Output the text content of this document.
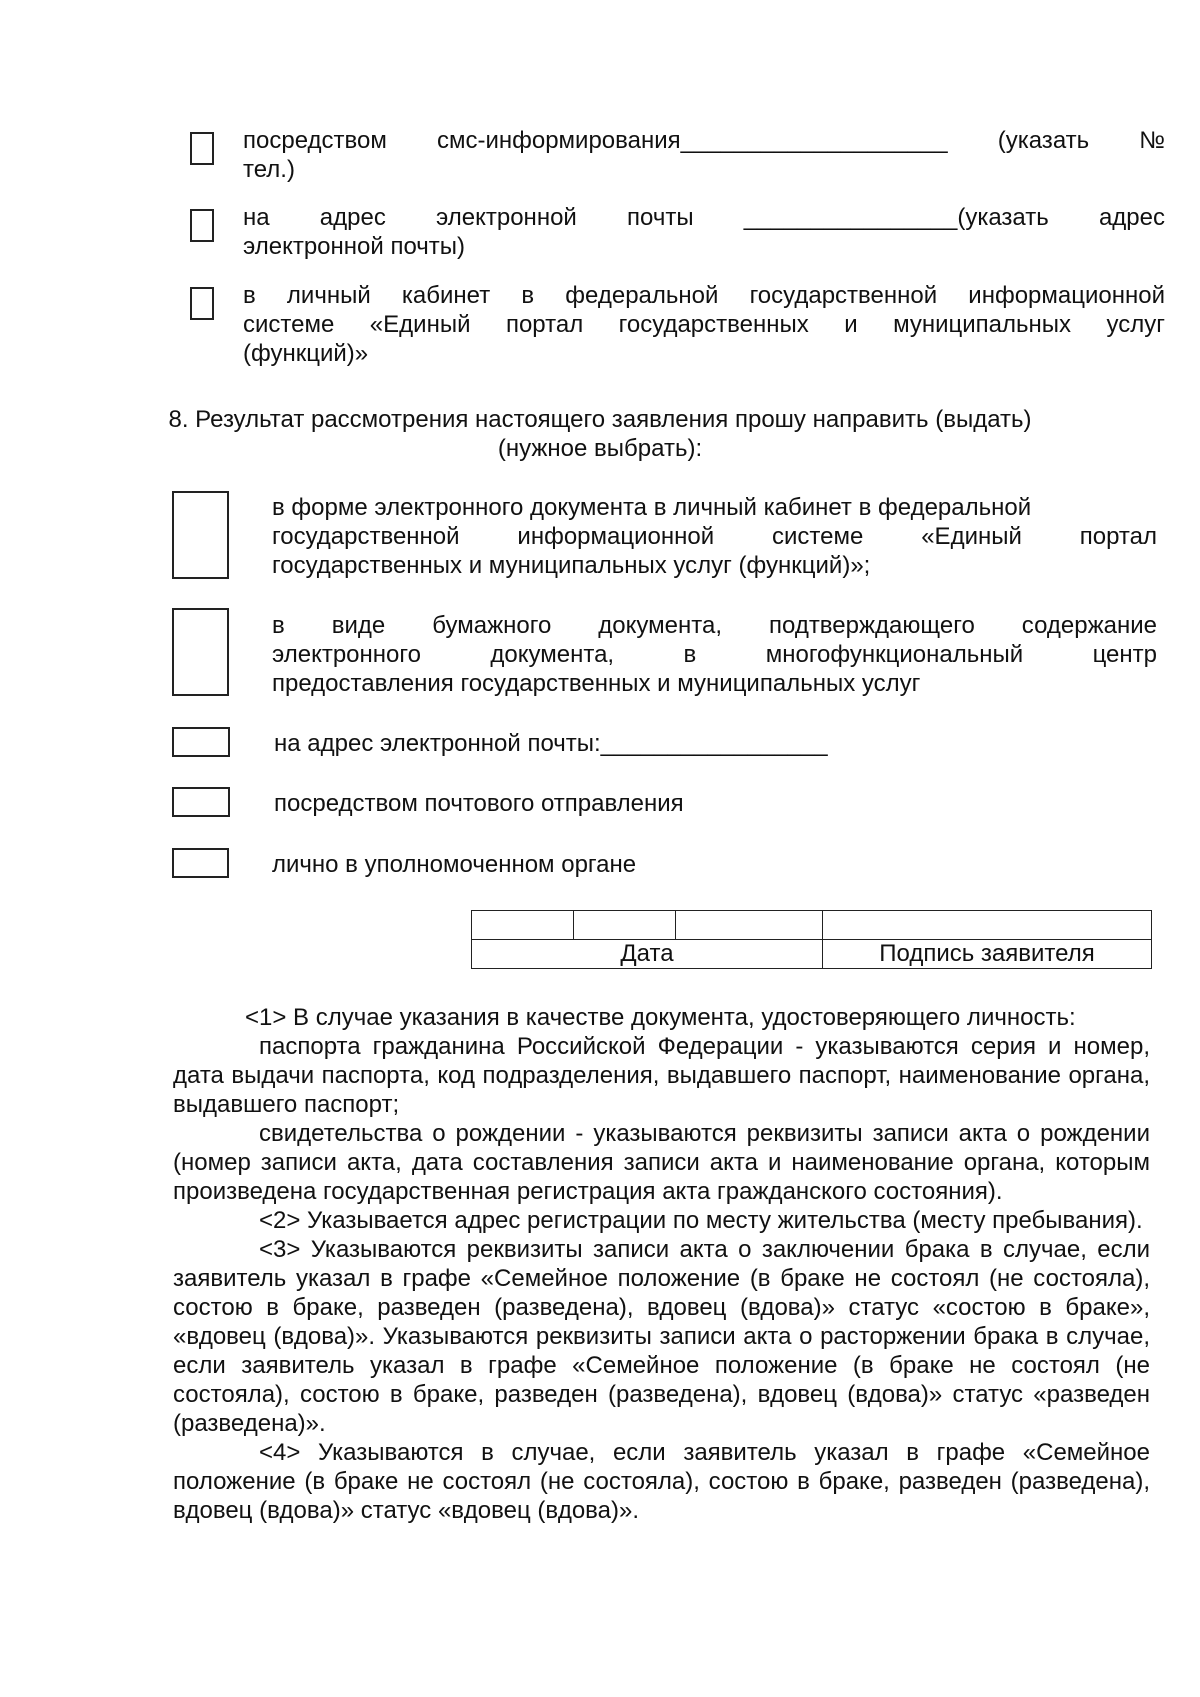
посредством смс-информирования____________________ (указать №
тел.)
на адрес электронной почты ________________(указать адрес
электронной почты)
в личный кабинет в федеральной государственной информационной
системе «Единый портал государственных и муниципальных услуг
(функций)»
8. Результат рассмотрения настоящего заявления прошу направить (выдать)
(нужное выбрать):
в форме электронного документа в личный кабинет в федеральной
государственной информационной системе «Единый портал
государственных и муниципальных услуг (функций)»;
в виде бумажного документа, подтверждающего содержание
электронного документа, в многофункциональный центр
предоставления государственных и муниципальных услуг
на адрес электронной почты:_________________
посредством почтового отправления
лично в уполномоченном органе

Дата			Подпись заявителя

<1> В случае указания в качестве документа, удостоверяющего личность:

паспорта гражданина Российской Федерации - указываются серия и номер, дата выдачи паспорта, код подразделения, выдавшего паспорт, наименование органа, выдавшего паспорт;

свидетельства о рождении - указываются реквизиты записи акта о рождении (номер записи акта, дата составления записи акта и наименование органа, которым произведена государственная регистрация акта гражданского состояния).

<2> Указывается адрес регистрации по месту жительства (месту пребывания).

<3> Указываются реквизиты записи акта о заключении брака в случае, если заявитель указал в графе «Семейное положение (в браке не состоял (не состояла), состою в браке, разведен (разведена), вдовец (вдова)» статус «состою в браке», «вдовец (вдова)». Указываются реквизиты записи акта о расторжении брака в случае, если заявитель указал в графе «Семейное положение (в браке не состоял (не состояла), состою в браке, разведен (разведена), вдовец (вдова)» статус «разведен (разведена)».

<4> Указываются в случае, если заявитель указал в графе «Семейное положение (в браке не состоял (не состояла), состою в браке, разведен (разведена), вдовец (вдова)» статус «вдовец (вдова)».
